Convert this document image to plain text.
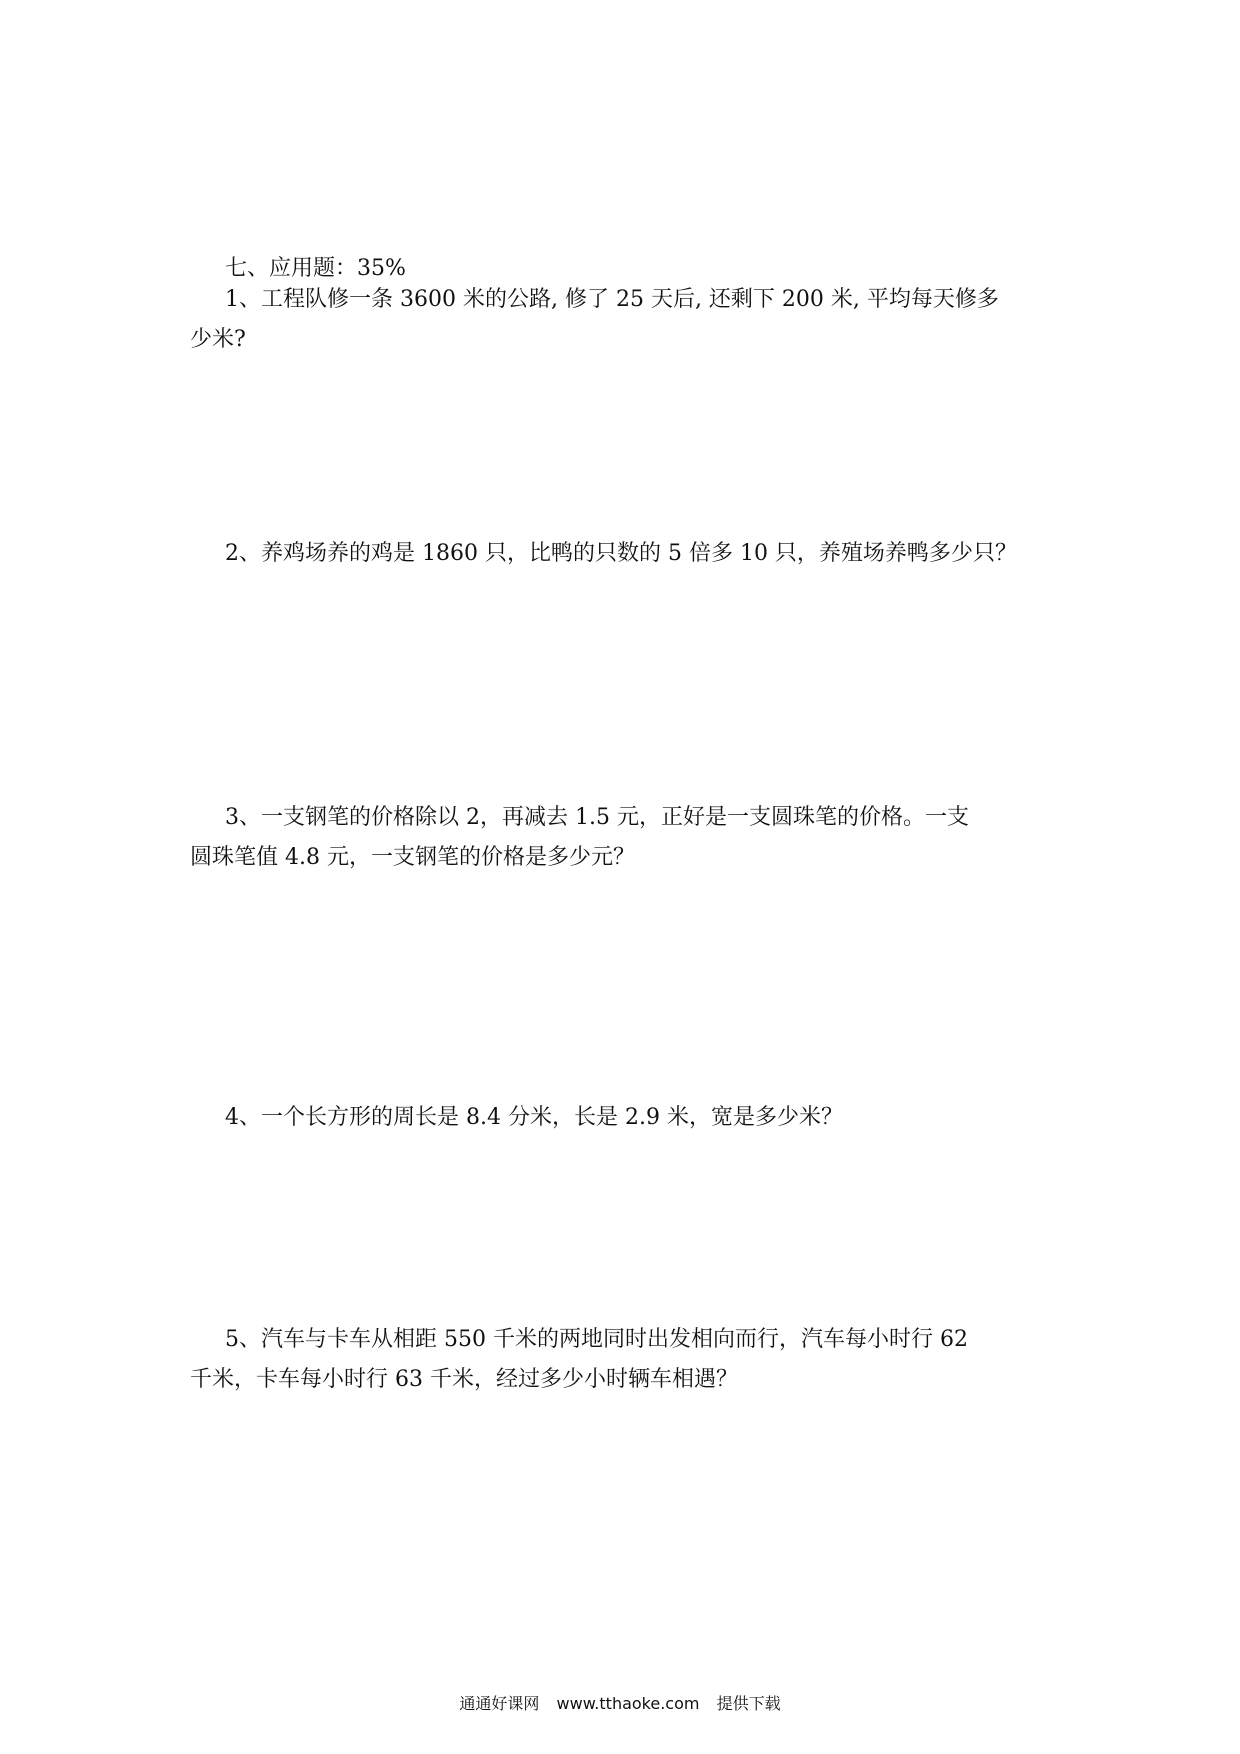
七、应用题：35%
1、工程队修一条 3600 米的公路, 修了 25 天后, 还剩下 200 米, 平均每天修多
少米?
2、养鸡场养的鸡是 1860 只，比鸭的只数的 5 倍多 10 只，养殖场养鸭多少只？
3、一支钢笔的价格除以 2，再减去 1.5 元，正好是一支圆珠笔的价格。一支
圆珠笔值 4.8 元，一支钢笔的价格是多少元？
4、一个长方形的周长是 8.4 分米，长是 2.9 米，宽是多少米？
5、汽车与卡车从相距 550 千米的两地同时出发相向而行，汽车每小时行 62
千米，卡车每小时行 63 千米，经过多少小时辆车相遇？
通通好课网 www.tthaoke.com 提供下载
